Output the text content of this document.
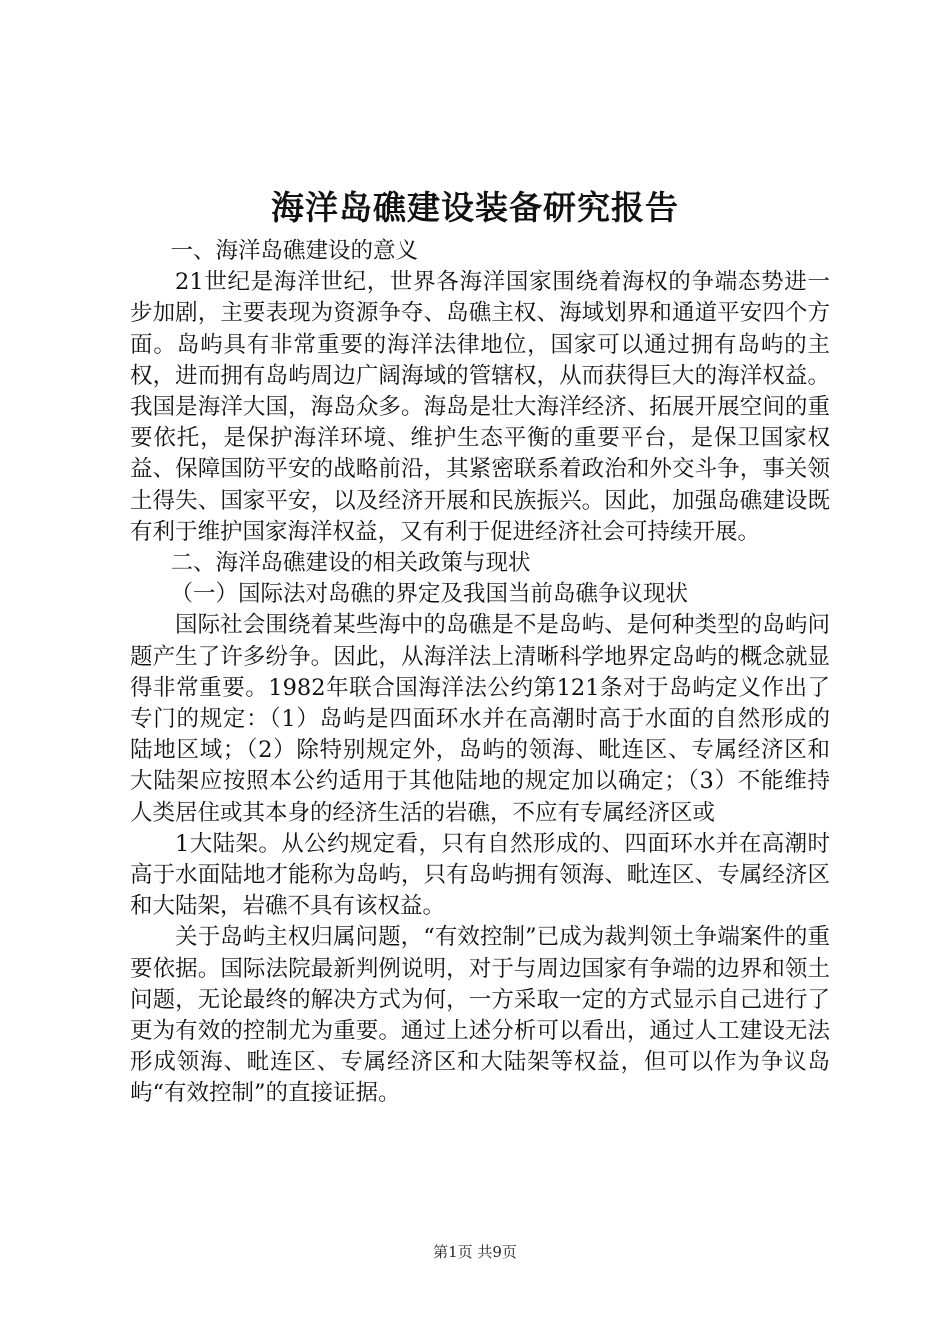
海洋岛礁建设装备研究报告

一、海洋岛礁建设的意义

21世纪是海洋世纪，世界各海洋国家围绕着海权的争端态势进一步加剧，主要表现为资源争夺、岛礁主权、海域划界和通道平安四个方面。岛屿具有非常重要的海洋法律地位，国家可以通过拥有岛屿的主权，进而拥有岛屿周边广阔海域的管辖权，从而获得巨大的海洋权益。我国是海洋大国，海岛众多。海岛是壮大海洋经济、拓展开展空间的重要依托，是保护海洋环境、维护生态平衡的重要平台，是保卫国家权益、保障国防平安的战略前沿，其紧密联系着政治和外交斗争，事关领土得失、国家平安，以及经济开展和民族振兴。因此，加强岛礁建设既有利于维护国家海洋权益，又有利于促进经济社会可持续开展。

二、海洋岛礁建设的相关政策与现状

（一）国际法对岛礁的界定及我国当前岛礁争议现状

国际社会围绕着某些海中的岛礁是不是岛屿、是何种类型的岛屿问题产生了许多纷争。因此，从海洋法上清晰科学地界定岛屿的概念就显得非常重要。1982年联合国海洋法公约第121条对于岛屿定义作出了专门的规定：（1）岛屿是四面环水并在高潮时高于水面的自然形成的陆地区域；（2）除特别规定外，岛屿的领海、毗连区、专属经济区和大陆架应按照本公约适用于其他陆地的规定加以确定；（3）不能维持人类居住或其本身的经济生活的岩礁，不应有专属经济区或

1大陆架。从公约规定看，只有自然形成的、四面环水并在高潮时高于水面陆地才能称为岛屿，只有岛屿拥有领海、毗连区、专属经济区和大陆架，岩礁不具有该权益。

关于岛屿主权归属问题，“有效控制”已成为裁判领土争端案件的重要依据。国际法院最新判例说明，对于与周边国家有争端的边界和领土问题，无论最终的解决方式为何，一方采取一定的方式显示自己进行了更为有效的控制尤为重要。通过上述分析可以看出，通过人工建设无法形成领海、毗连区、专属经济区和大陆架等权益，但可以作为争议岛屿“有效控制”的直接证据。

第1页 共9页
